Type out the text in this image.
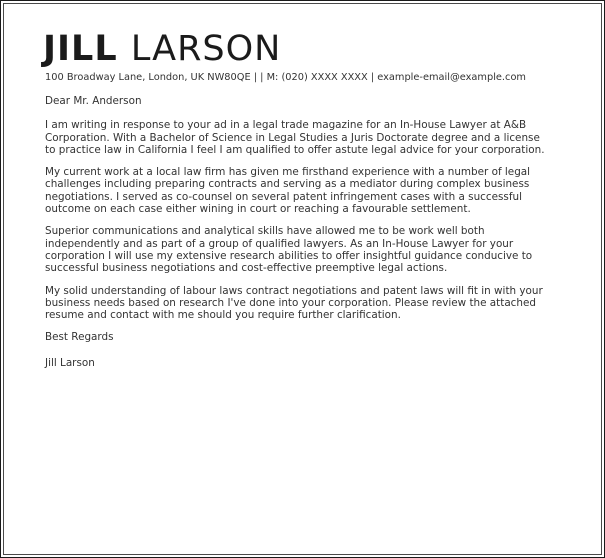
JILL LARSON

100 Broadway Lane, London, UK NW80QE | | M: (020) XXXX XXXX | example-email@example.com

Dear Mr. Anderson

I am writing in response to your ad in a legal trade magazine for an In-House Lawyer at A&B
Corporation. With a Bachelor of Science in Legal Studies a Juris Doctorate degree and a license
to practice law in California I feel I am qualified to offer astute legal advice for your corporation.

My current work at a local law firm has given me firsthand experience with a number of legal
challenges including preparing contracts and serving as a mediator during complex business
negotiations. I served as co-counsel on several patent infringement cases with a successful
outcome on each case either wining in court or reaching a favourable settlement.

Superior communications and analytical skills have allowed me to be work well both
independently and as part of a group of qualified lawyers. As an In-House Lawyer for your
corporation I will use my extensive research abilities to offer insightful guidance conducive to
successful business negotiations and cost-effective preemptive legal actions.

My solid understanding of labour laws contract negotiations and patent laws will fit in with your
business needs based on research I've done into your corporation. Please review the attached
resume and contact with me should you require further clarification.

Best Regards

Jill Larson
